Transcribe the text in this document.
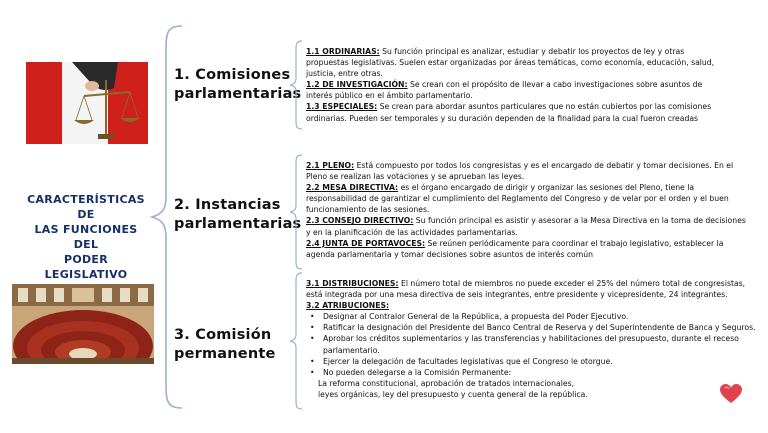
CARACTERÍSTICAS DE
LAS FUNCIONES DEL
PODER LEGISLATIVO
1. Comisiones
parlamentarias
2. Instancias
parlamentarias
3. Comisión
permanente

1.1 ORDINARIAS: Su función principal es analizar, estudiar y debatir los proyectos de ley y otras propuestas legislativas. Suelen estar organizadas por áreas temáticas, como economía, educación, salud, justicia, entre otras.

1.2 DE INVESTIGACIÓN: Se crean con el propósito de llevar a cabo investigaciones sobre asuntos de interés público en el ámbito parlamentario.

1.3 ESPECIALES: Se crean para abordar asuntos particulares que no están cubiertos por las comisiones ordinarias. Pueden ser temporales y su duración dependen de la finalidad para la cual fueron creadas

2.1 PLENO: Está compuesto por todos los congresistas y es el encargado de debatir y tomar decisiones. En el Pleno se realizan las votaciones y se aprueban las leyes.

2.2 MESA DIRECTIVA: es el órgano encargado de dirigir y organizar las sesiones del Pleno, tiene la responsabilidad de garantizar el cumplimiento del Reglamento del Congreso y de velar por el orden y el buen funcionamiento de las sesiones.

2.3 CONSEJO DIRECTIVO: Su función principal es asistir y asesorar a la Mesa Directiva en la toma de decisiones y en la planificación de las actividades parlamentarias.

2.4 JUNTA DE PORTAVOCES: Se reúnen periódicamente para coordinar el trabajo legislativo, establecer la agenda parlamentaria y tomar decisiones sobre asuntos de interés común

3.1 DISTRIBUCIONES: El número total de miembros no puede exceder el 25% del número total de congresistas, está integrada por una mesa directiva de seis integrantes, entre presidente y vicepresidente, 24 integrantes.

3.2 ATRIBUCIONES:

• Designar al Contralor General de la República, a propuesta del Poder Ejecutivo.
• Ratificar la designación del Presidente del Banco Central de Reserva y del Superintendente de Banca y Seguros.
• Aprobar los créditos suplementarios y las transferencias y habilitaciones del presupuesto, durante el receso parlamentario.
• Ejercer la delegación de facultades legislativas que el Congreso le otorgue.
• No pueden delegarse a la Comisión Permanente:
La reforma constitucional, aprobación de tratados internacionales,
leyes orgánicas, ley del presupuesto y cuenta general de la república.
